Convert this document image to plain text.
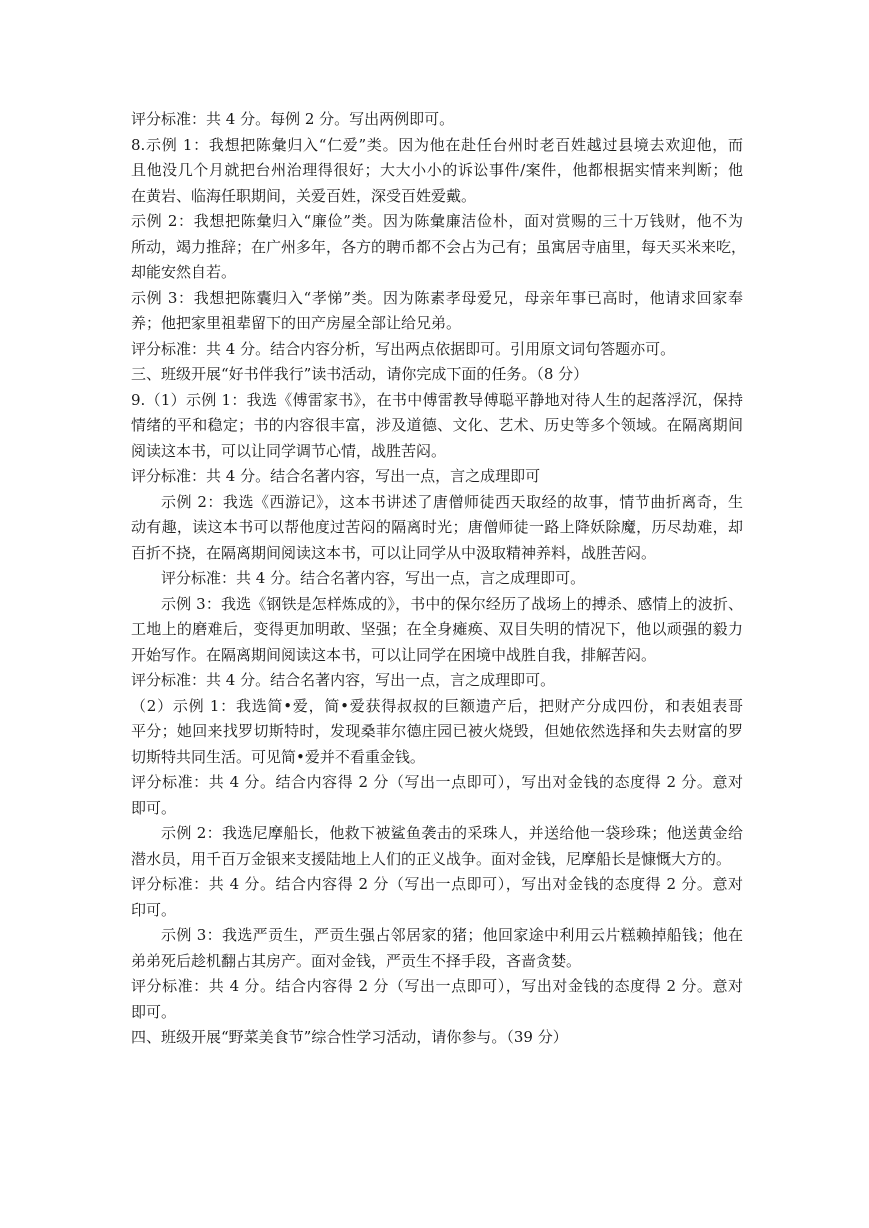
评分标准：共 4 分。每例 2 分。写出两例即可。
8.示例 1：我想把陈彙归入“仁爱”类。因为他在赴任台州时老百姓越过县境去欢迎他，而
且他没几个月就把台州治理得很好；大大小小的诉讼事件/案件，他都根据实情来判断；他
在黄岩、临海任职期间，关爱百姓，深受百姓爱戴。
示例 2：我想把陈彙归入“廉俭”类。因为陈彙廉洁俭朴，面对赏赐的三十万钱财，他不为
所动，竭力推辞；在广州多年，各方的聘币都不会占为己有；虽寓居寺庙里，每天买米来吃，
却能安然自若。
示例 3：我想把陈囊归入“孝悌”类。因为陈素孝母爱兄，母亲年事已高时，他请求回家奉
养；他把家里祖辈留下的田产房屋全部让给兄弟。
评分标准：共 4 分。结合内容分析，写出两点依据即可。引用原文词句答题亦可。
三、班级开展“好书伴我行”读书活动，请你完成下面的任务。（8 分）
9.（1）示例 1：我选《傅雷家书》，在书中傅雷教导傅聪平静地对待人生的起落浮沉，保持
情绪的平和稳定；书的内容很丰富，涉及道德、文化、艺术、历史等多个领域。在隔离期间
阅读这本书，可以让同学调节心情，战胜苦闷。
评分标准：共 4 分。结合名著内容，写出一点，言之成理即可
示例 2：我选《西游记》，这本书讲述了唐僧师徒西天取经的故事，情节曲折离奇，生
动有趣，读这本书可以帮他度过苦闷的隔离时光；唐僧师徒一路上降妖除魔，历尽劫难，却
百折不挠，在隔离期间阅读这本书，可以让同学从中汲取精神养料，战胜苦闷。
评分标准：共 4 分。结合名著内容，写出一点，言之成理即可。
示例 3：我选《钢铁是怎样炼成的》，书中的保尔经历了战场上的搏杀、感情上的波折、
工地上的磨难后，变得更加明敢、坚强；在全身瘫痪、双目失明的情况下，他以顽强的毅力
开始写作。在隔离期间阅读这本书，可以让同学在困境中战胜自我，排解苦闷。
评分标准：共 4 分。结合名著内容，写出一点，言之成理即可。
（2）示例 1：我选简•爱，简•爱获得叔叔的巨额遗产后，把财产分成四份，和表姐表哥
平分；她回来找罗切斯特时，发现桑菲尔德庄园已被火烧毁，但她依然选择和失去财富的罗
切斯特共同生活。可见简•爱并不看重金钱。
评分标准：共 4 分。结合内容得 2 分（写出一点即可），写出对金钱的态度得 2 分。意对
即可。
示例 2：我选尼摩船长，他救下被鲨鱼袭击的采珠人，并送给他一袋珍珠；他送黄金给
潜水员，用千百万金银来支援陆地上人们的正义战争。面对金钱，尼摩船长是慷慨大方的。
评分标准：共 4 分。结合内容得 2 分（写出一点即可），写出对金钱的态度得 2 分。意对
印可。
示例 3：我选严贡生，严贡生强占邻居家的猪；他回家途中利用云片糕赖掉船钱；他在
弟弟死后趁机翻占其房产。面对金钱，严贡生不择手段，吝啬贪婪。
评分标准：共 4 分。结合内容得 2 分（写出一点即可），写出对金钱的态度得 2 分。意对
即可。
四、班级开展“野菜美食节”综合性学习活动，请你参与。（39 分）
